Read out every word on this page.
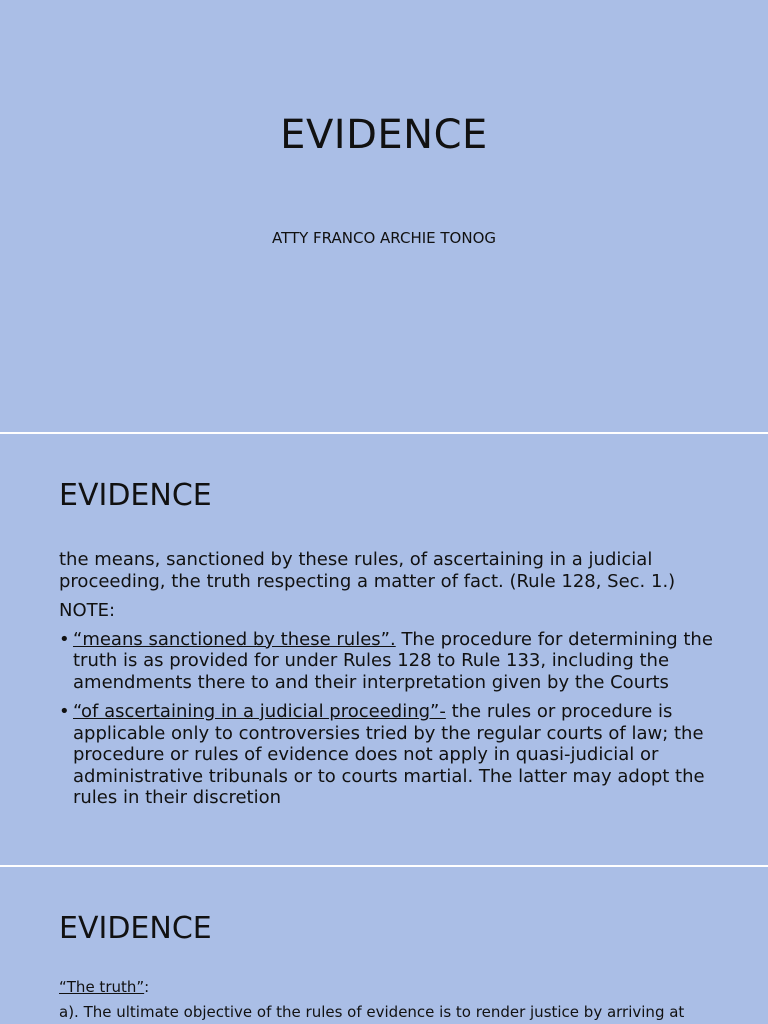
EVIDENCE
ATTY FRANCO ARCHIE TONOG
EVIDENCE

the means, sanctioned by these rules, of ascertaining in a judicial proceeding, the truth respecting a matter of fact. (Rule 128, Sec. 1.)

NOTE:

• “means sanctioned by these rules”. The procedure for determining the truth is as provided for under Rules 128 to Rule 133, including the amendments there to and their interpretation given by the Courts
• “of ascertaining in a judicial proceeding”- the rules or procedure is applicable only to controversies tried by the regular courts of law; the procedure or rules of evidence does not apply in quasi-judicial or administrative tribunals or to courts martial. The latter may adopt the rules in their discretion
EVIDENCE
“The truth”:
a). The ultimate objective of the rules of evidence is to render justice by arriving at
